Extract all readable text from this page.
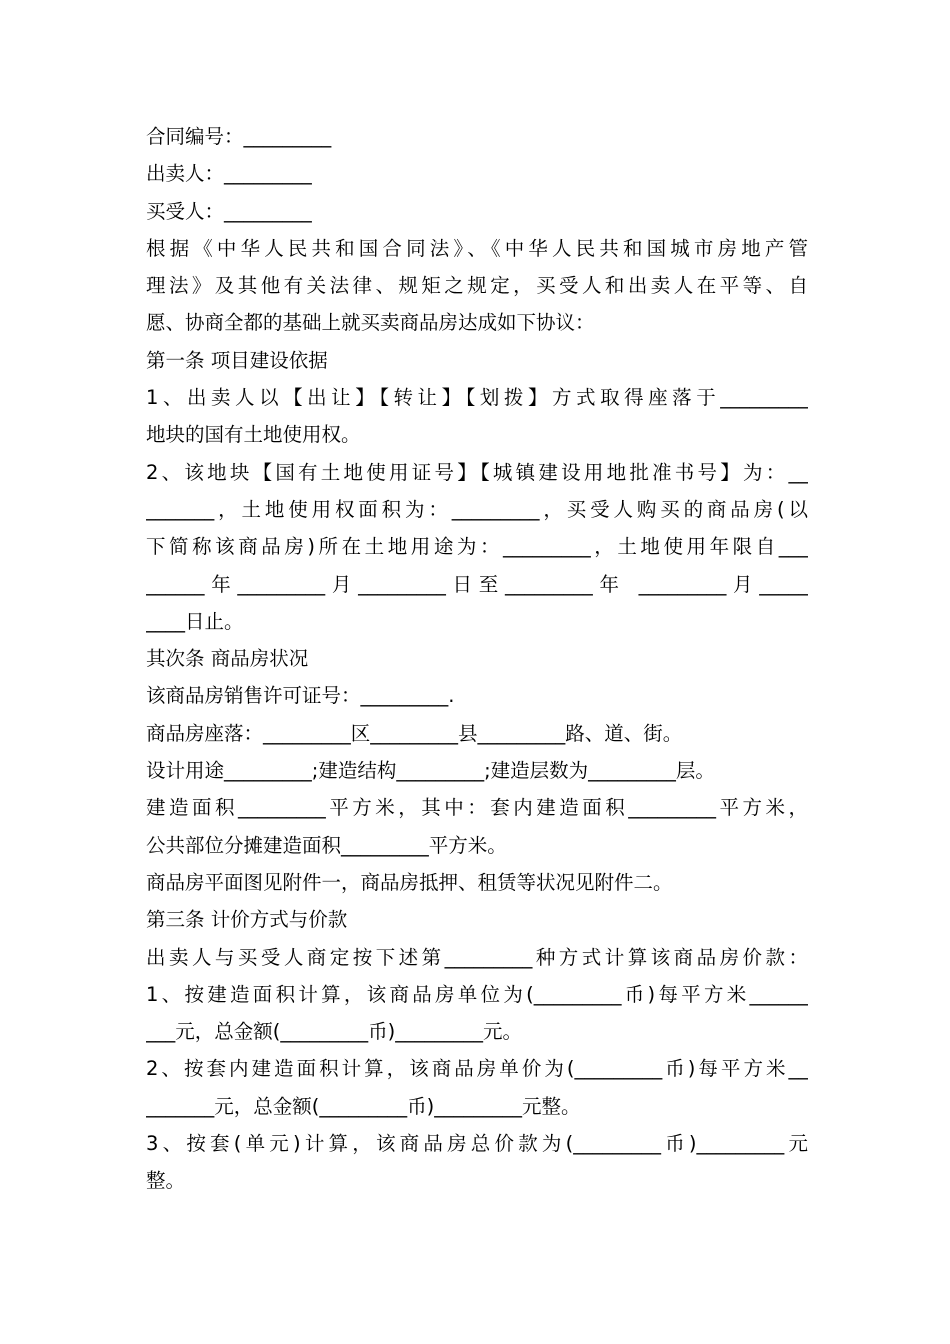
合同编号：_________
出卖人：_________
买受人：_________
根据《中华人民共和国合同法》、《中华人民共和国城市房地产管
理法》及其他有关法律、规矩之规定，买受人和出卖人在平等、自
愿、协商全都的基础上就买卖商品房达成如下协议：
第一条 项目建设依据
1、出卖人以【出让】【转让】【划拨】方式取得座落于_________
地块的国有土地使用权。
2、该地块【国有土地使用证号】【城镇建设用地批准书号】为：__
_______，土地使用权面积为：_________，买受人购买的商品房(以
下简称该商品房)所在土地用途为：_________，土地使用年限自___
______年_________月_________日至_________年 _________月_____
____日止。
其次条 商品房状况
该商品房销售许可证号：_________.
商品房座落：_________区_________县_________路、道、街。
设计用途_________;建造结构_________;建造层数为_________层。
建造面积_________平方米，其中：套内建造面积_________平方米，
公共部位分摊建造面积_________平方米。
商品房平面图见附件一，商品房抵押、租赁等状况见附件二。
第三条 计价方式与价款
出卖人与买受人商定按下述第_________种方式计算该商品房价款：
1、按建造面积计算，该商品房单位为(_________币)每平方米______
___元，总金额(_________币)_________元。
2、按套内建造面积计算，该商品房单价为(_________币)每平方米__
_______元，总金额(_________币)_________元整。
3、按套(单元)计算，该商品房总价款为(_________币)_________元
整。
